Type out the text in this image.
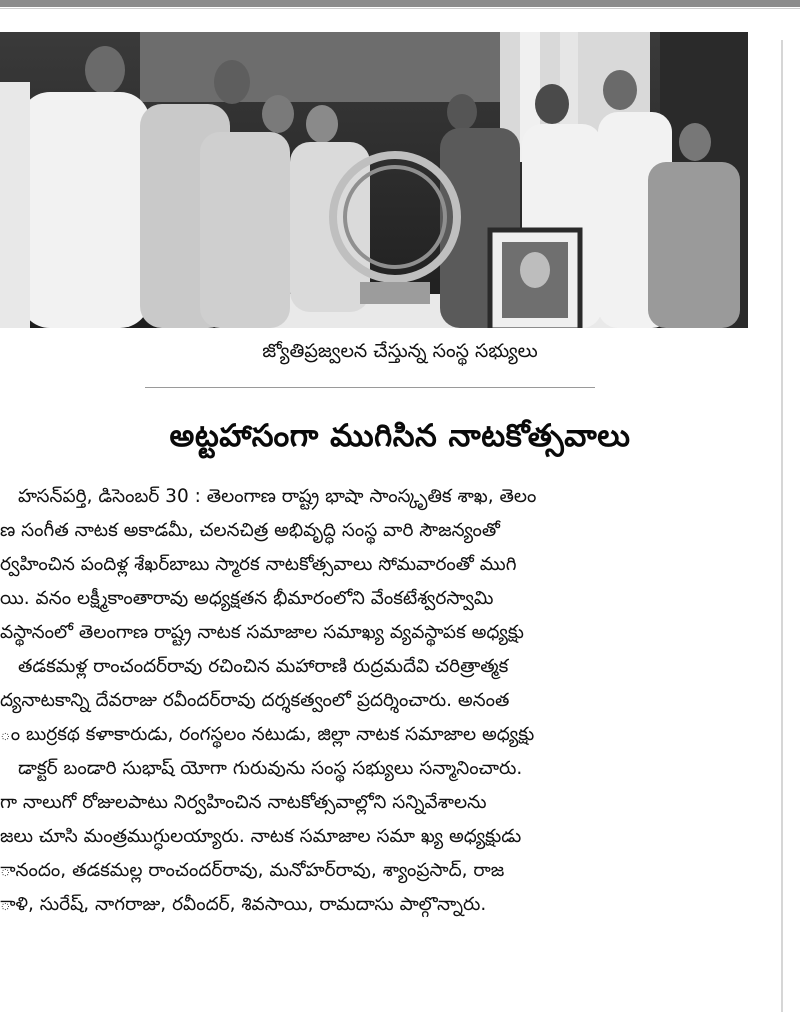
జ్యోతిప్రజ్వలన చేస్తున్న సంస్థ సభ్యులు
అట్టహాసంగా ముగిసిన నాటకోత్సవాలు
హసన్‌పర్తి, డిసెంబర్ 30 : తెలంగాణ రాష్ట్ర భాషా సాంస్కృతిక శాఖ, తెలం
ణ సంగీత నాటక అకాడమీ, చలనచిత్ర అభివృద్ధి సంస్థ వారి సౌజన్యంతో
ర్వహించిన పందిళ్ల శేఖర్‌బాబు స్మారక నాటకోత్సవాలు సోమవారంతో ముగి
యి. వనం లక్ష్మీకాంతారావు అధ్యక్షతన భీమారంలోని వేంకటేశ్వరస్వామి
వస్థానంలో తెలంగాణ రాష్ట్ర నాటక సమాజాల సమాఖ్య వ్యవస్థాపక అధ్యక్షు
తడకమళ్ల రాంచందర్‌రావు రచించిన మహారాణి రుద్రమదేవి చరిత్రాత్మక
ద్యనాటకాన్ని దేవరాజు రవీందర్‌రావు దర్శకత్వంలో ప్రదర్శించారు. అనంత
ం బుర్రకథ కళాకారుడు, రంగస్థలం నటుడు, జిల్లా నాటక సమాజాల అధ్యక్షు
డాక్టర్ బండారి సుభాష్ యోగా గురువును సంస్థ సభ్యులు సన్మానించారు.
గా నాలుగో రోజులపాటు నిర్వహించిన నాటకోత్సవాల్లోని సన్నివేశాలను
జలు చూసి మంత్రముగ్ధులయ్యారు. నాటక సమాజాల సమా ఖ్య అధ్యక్షుడు
ానందం, తడకమల్ల రాంచందర్‌రావు, మనోహర్‌రావు, శ్యాంప్రసాద్, రాజ
ాళి, సురేష్, నాగరాజు, రవీందర్, శివసాయి, రామదాసు పాల్గొన్నారు.
